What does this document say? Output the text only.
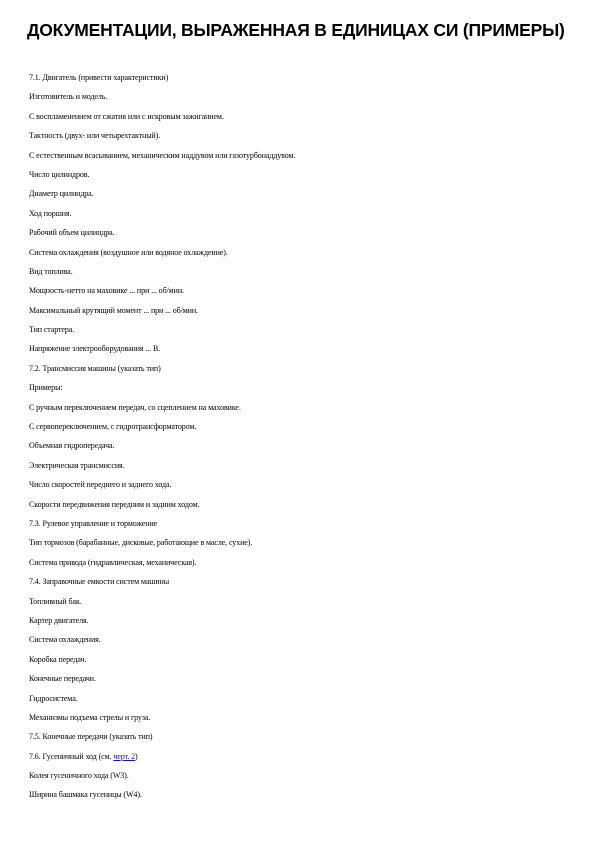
ДОКУМЕНТАЦИИ, ВЫРАЖЕННАЯ В ЕДИНИЦАХ СИ (ПРИМЕРЫ)
7.1. Двигатель (привести характеристики)
Изготовитель и модель.
С воспламенением от сжатия или с искровым зажиганием.
Тактность (двух- или четырехтактный).
С естественным всасыванием, механическим наддувом или газотурбонаддувом.
Число цилиндров.
Диаметр цилиндра.
Ход поршня.
Рабочий объем цилиндра.
Система охлаждения (воздушное или водяное охлаждение).
Вид топлива.
Мощность-нетто на маховике ... при ... об/мин.
Максимальный крутящий момент ... при ... об/мин.
Тип стартера.
Напряжение электрооборудования ... В.
7.2. Трансмиссия машины (указать тип)
Примеры:
С ручным переключением передач, со сцеплением на маховике.
С сервопереключением, с гидротрансформатором.
Объемная гидропередача.
Электрическая трансмиссия.
Число скоростей переднего и заднего хода.
Скорости передвижения передним и задним ходом.
7.3. Рулевое управление и торможение
Тип тормозов (барабанные, дисковые, работающие в масле, сухие).
Система привода (гидравлическая, механическая).
7.4. Заправочные емкости систем машины
Топливный бак.
Картер двигателя.
Система охлаждения.
Коробка передач.
Конечные передачи.
Гидросистема.
Механизмы подъема стрелы и груза.
7.5. Конечные передачи (указать тип)
7.6. Гусеничный ход (см. черт. 2)
Колея гусеничного хода (W3).
Ширина башмака гусеницы (W4).
